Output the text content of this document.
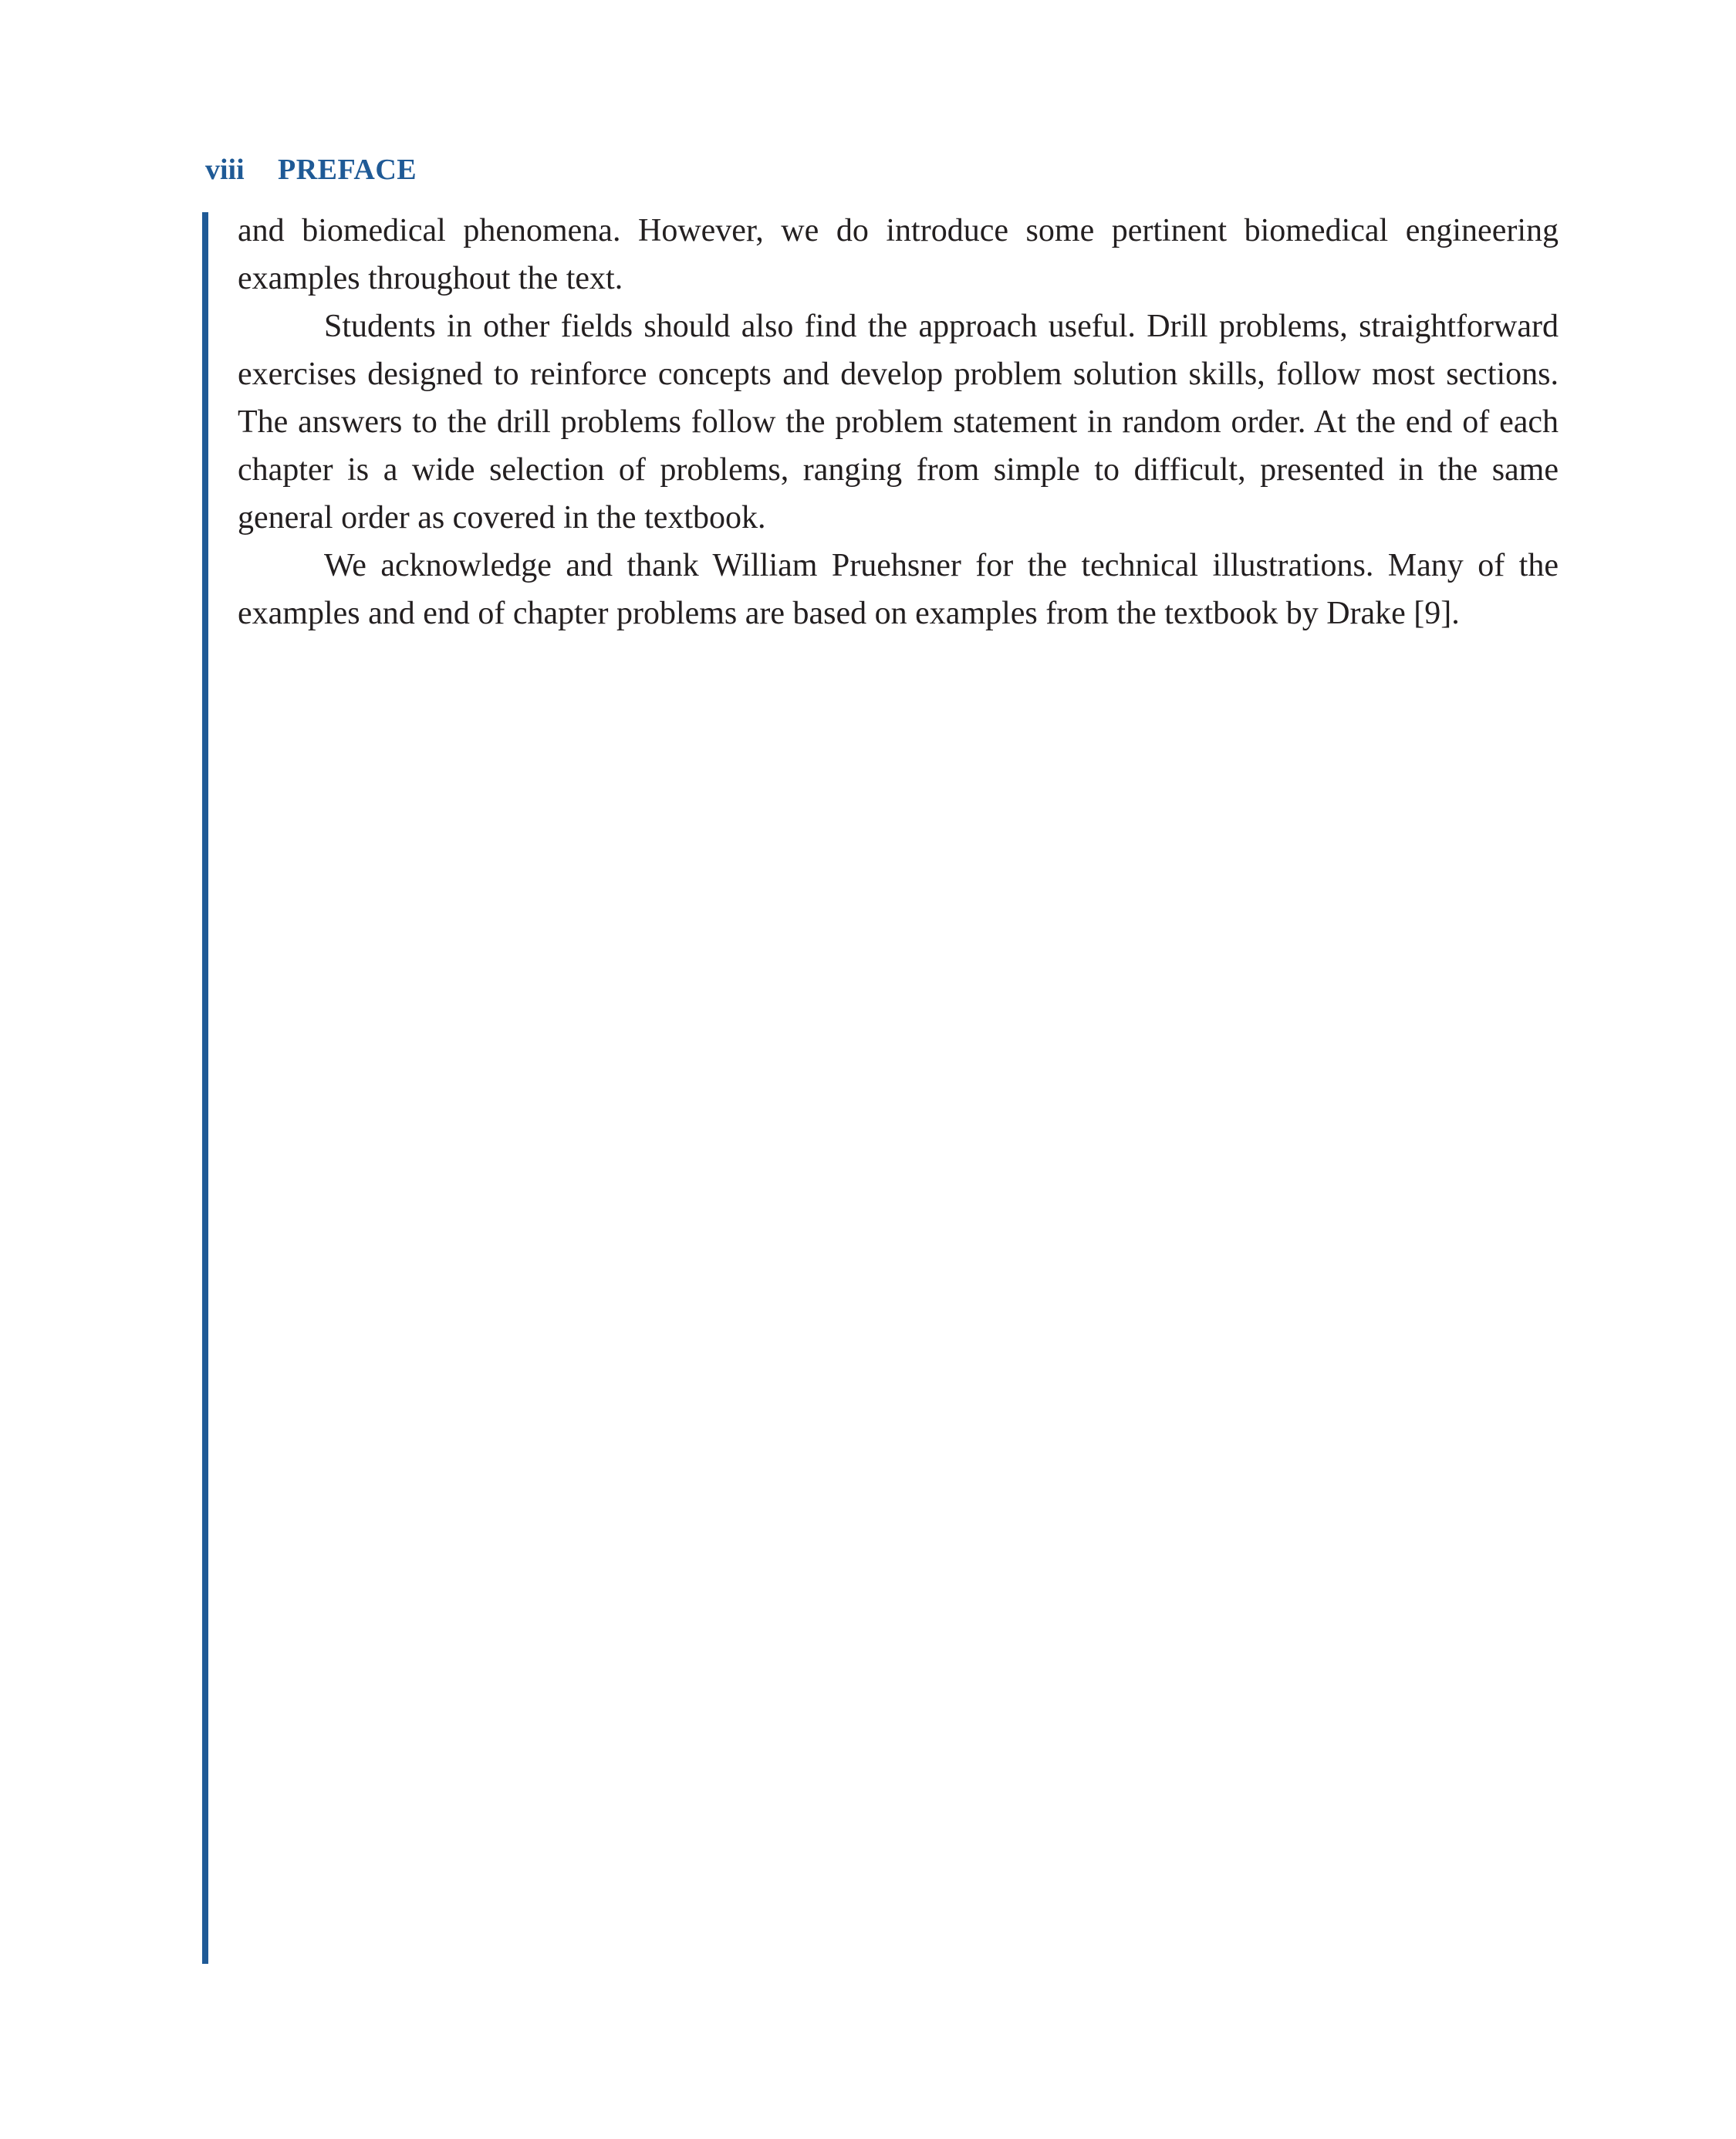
viii	PREFACE

and biomedical phenomena. However, we do introduce some pertinent biomedical engineering examples throughout the text.

Students in other fields should also find the approach useful. Drill problems, straightforward exercises designed to reinforce concepts and develop problem solution skills, follow most sections. The answers to the drill problems follow the problem statement in random order. At the end of each chapter is a wide selection of problems, ranging from simple to difficult, presented in the same general order as covered in the textbook.

We acknowledge and thank William Pruehsner for the technical illustrations. Many of the examples and end of chapter problems are based on examples from the textbook by Drake [9].
